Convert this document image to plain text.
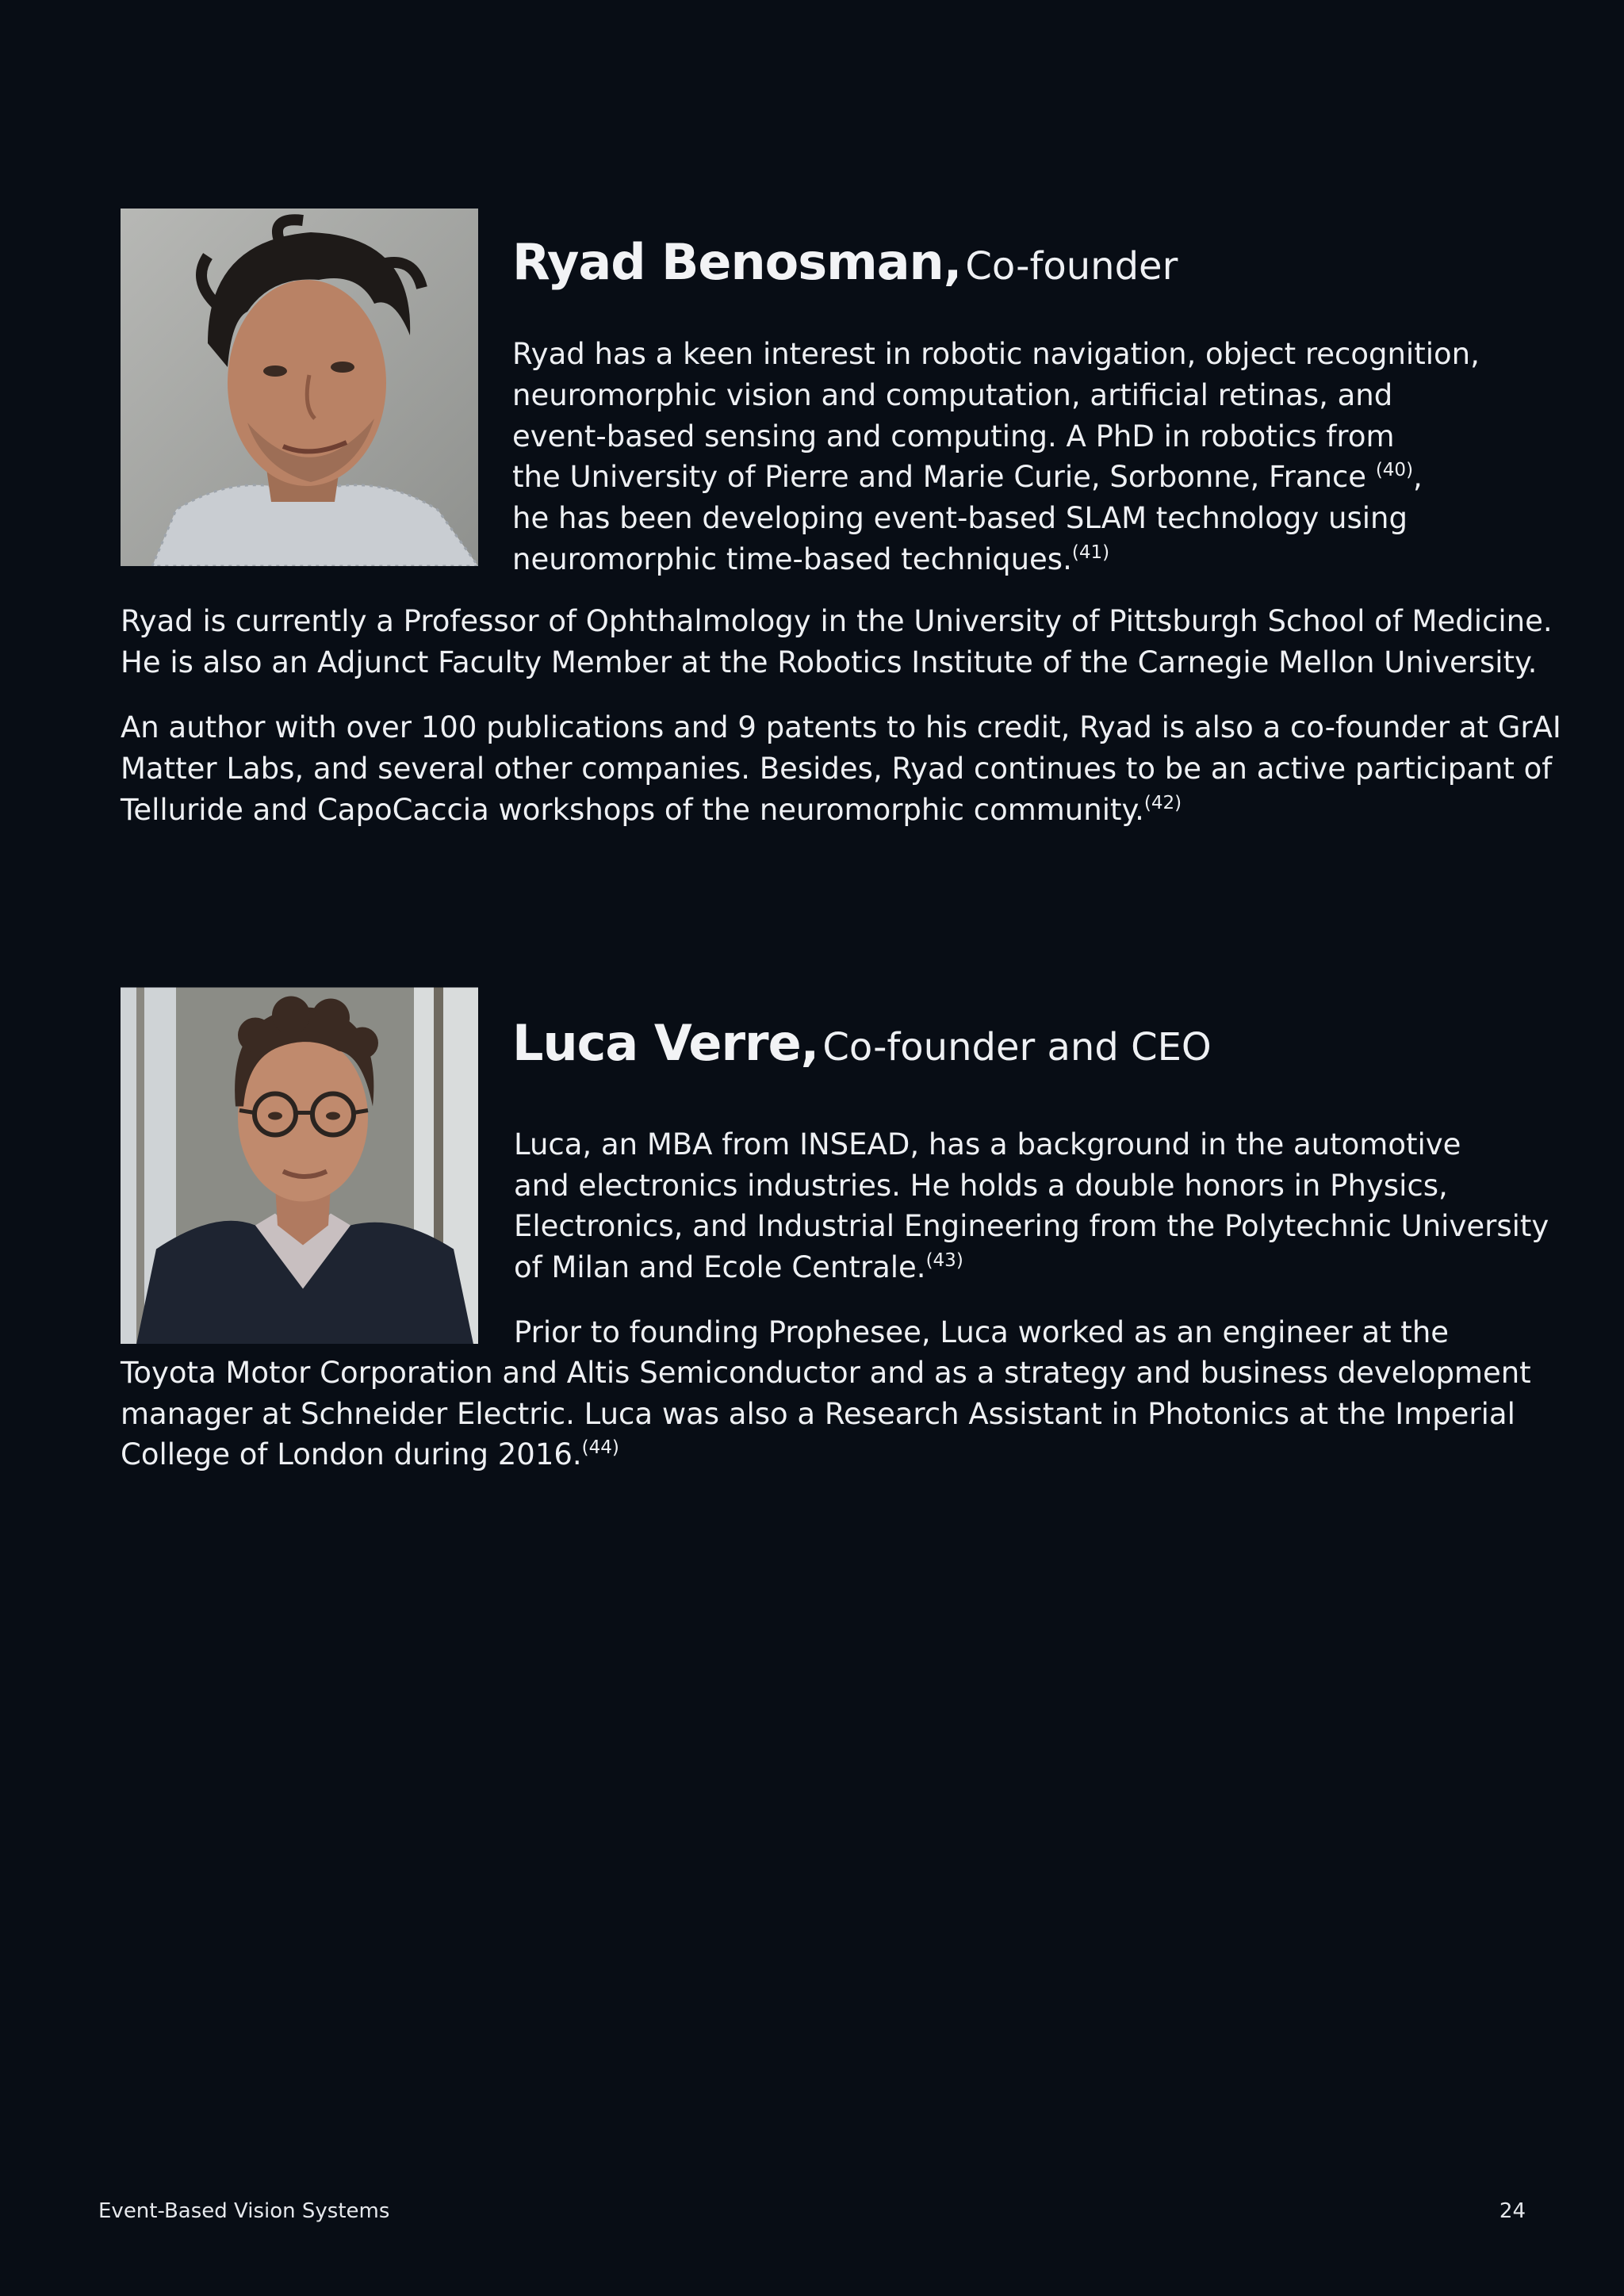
Ryad Benosman, Co-founder
Ryad has a keen interest in robotic navigation, object recognition,
neuromorphic vision and computation, artificial retinas, and
event-based sensing and computing. A PhD in robotics from
the University of Pierre and Marie Curie, Sorbonne, France $^{(40)}$,
he has been developing event-based SLAM technology using
neuromorphic time-based techniques.$^{(41)}$
Ryad is currently a Professor of Ophthalmology in the University of Pittsburgh School of Medicine.
He is also an Adjunct Faculty Member at the Robotics Institute of the Carnegie Mellon University.
An author with over 100 publications and 9 patents to his credit, Ryad is also a co-founder at GrAI
Matter Labs, and several other companies. Besides, Ryad continues to be an active participant of
Telluride and CapoCaccia workshops of the neuromorphic community.$^{(42)}$
Luca Verre, Co-founder and CEO
Luca, an MBA from INSEAD, has a background in the automotive
and electronics industries. He holds a double honors in Physics,
Electronics, and Industrial Engineering from the Polytechnic University
of Milan and Ecole Centrale.$^{(43)}$
Prior to founding Prophesee, Luca worked as an engineer at the
Toyota Motor Corporation and Altis Semiconductor and as a strategy and business development
manager at Schneider Electric. Luca was also a Research Assistant in Photonics at the Imperial
College of London during 2016.$^{(44)}$
Event-Based Vision Systems	24
